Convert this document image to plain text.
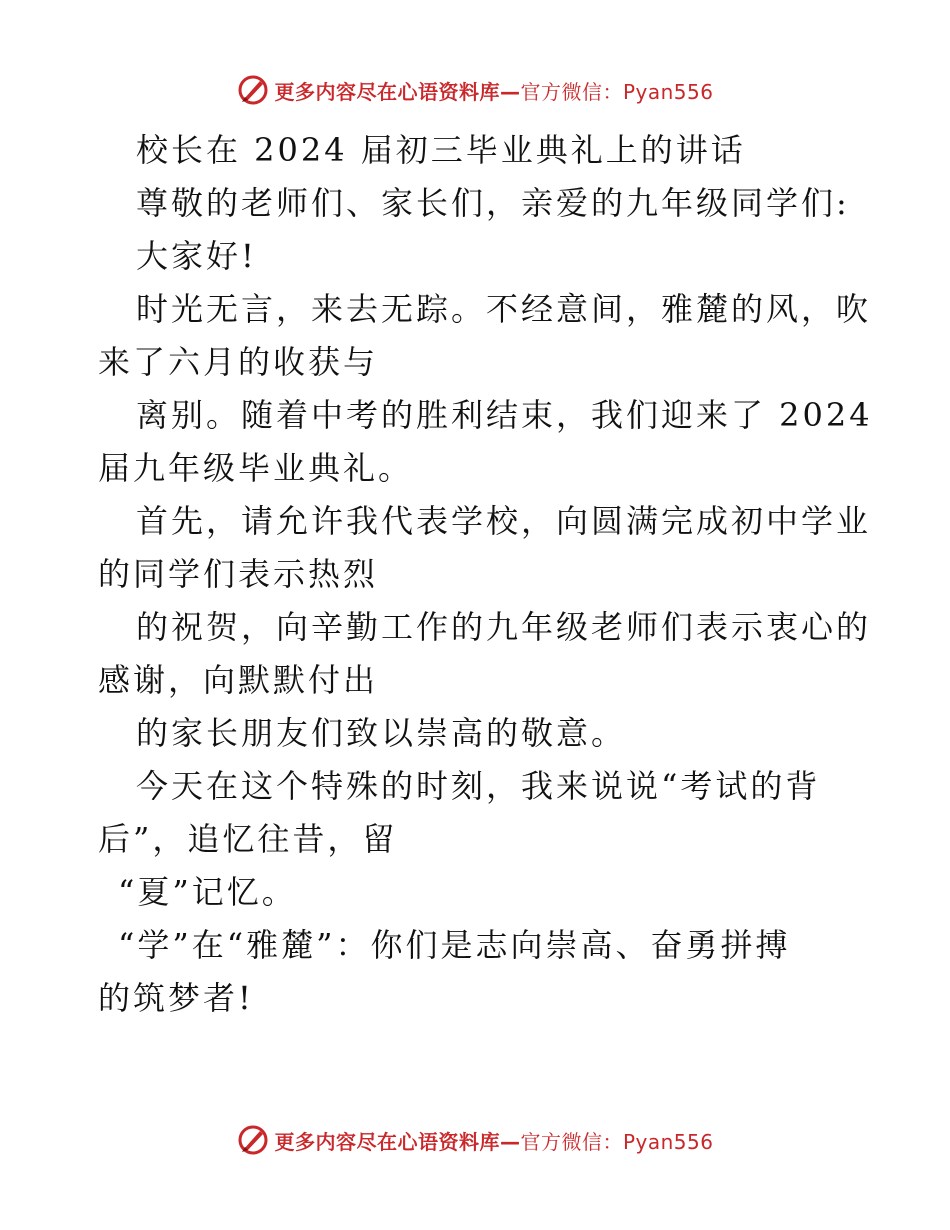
更多内容尽在心语资料库—官方微信：Pyan556
校长在 2024 届初三毕业典礼上的讲话
尊敬的老师们、家长们，亲爱的九年级同学们:
大家好!
时光无言，来去无踪。不经意间，雅麓的风，吹
来了六月的收获与
离别。随着中考的胜利结束，我们迎来了 2024
届九年级毕业典礼。
首先，请允许我代表学校，向圆满完成初中学业
的同学们表示热烈
的祝贺，向辛勤工作的九年级老师们表示衷心的
感谢，向默默付出
的家长朋友们致以崇高的敬意。
今天在这个特殊的时刻，我来说说“考试的背
后”，追忆往昔，留
“夏”记忆。
“学”在“雅麓”：你们是志向崇高、奋勇拼搏
的筑梦者!
更多内容尽在心语资料库—官方微信：Pyan556
